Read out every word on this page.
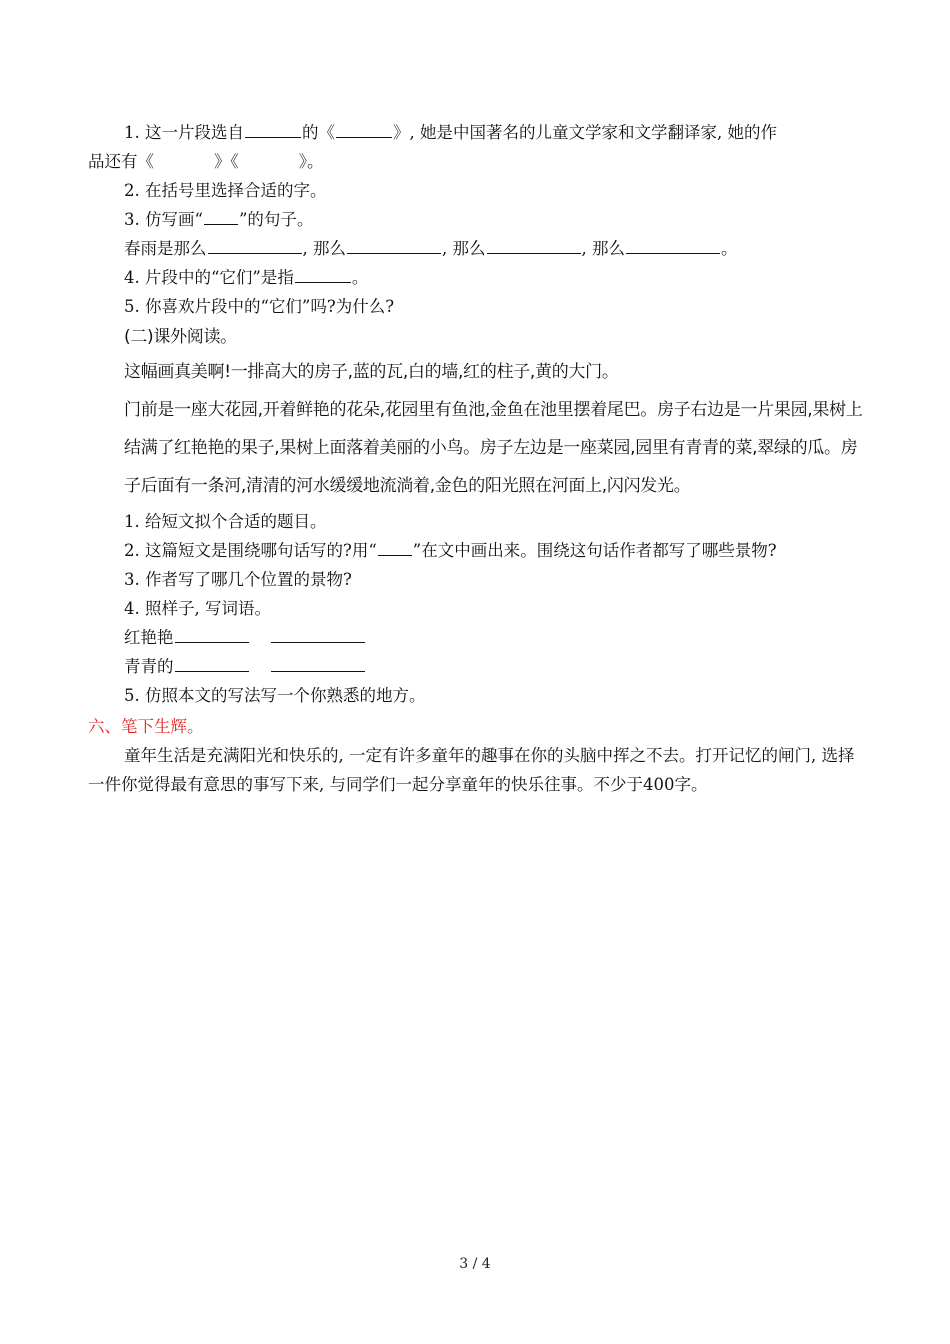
1. 这一片段选自	的《	》, 她是中国著名的儿童文学家和文学翻译家, 她的作
品还有《	》《	》。
2. 在括号里选择合适的字。
3. 仿写画“ ”的句子。
春雨是那么	, 那么	, 那么	, 那么	。
4. 片段中的“它们”是指	。
5. 你喜欢片段中的“它们”吗?为什么?
(二)课外阅读。
这幅画真美啊!一排高大的房子,蓝的瓦,白的墙,红的柱子,黄的大门。
门前是一座大花园,开着鲜艳的花朵,花园里有鱼池,金鱼在池里摆着尾巴。房子右边是一片果园,果树上结满了红艳艳的果子,果树上面落着美丽的小鸟。房子左边是一座菜园,园里有青青的菜,翠绿的瓜。房子后面有一条河,清清的河水缓缓地流淌着,金色的阳光照在河面上,闪闪发光。
1. 给短文拟个合适的题目。
2. 这篇短文是围绕哪句话写的?用“ ”在文中画出来。围绕这句话作者都写了哪些景物?
3. 作者写了哪几个位置的景物?
4. 照样子, 写词语。
红艳艳
青青的
5. 仿照本文的写法写一个你熟悉的地方。
六、笔下生辉。
童年生活是充满阳光和快乐的, 一定有许多童年的趣事在你的头脑中挥之不去。打开记忆的闸门, 选择一件你觉得最有意思的事写下来, 与同学们一起分享童年的快乐往事。不少于400字。
3 / 4
